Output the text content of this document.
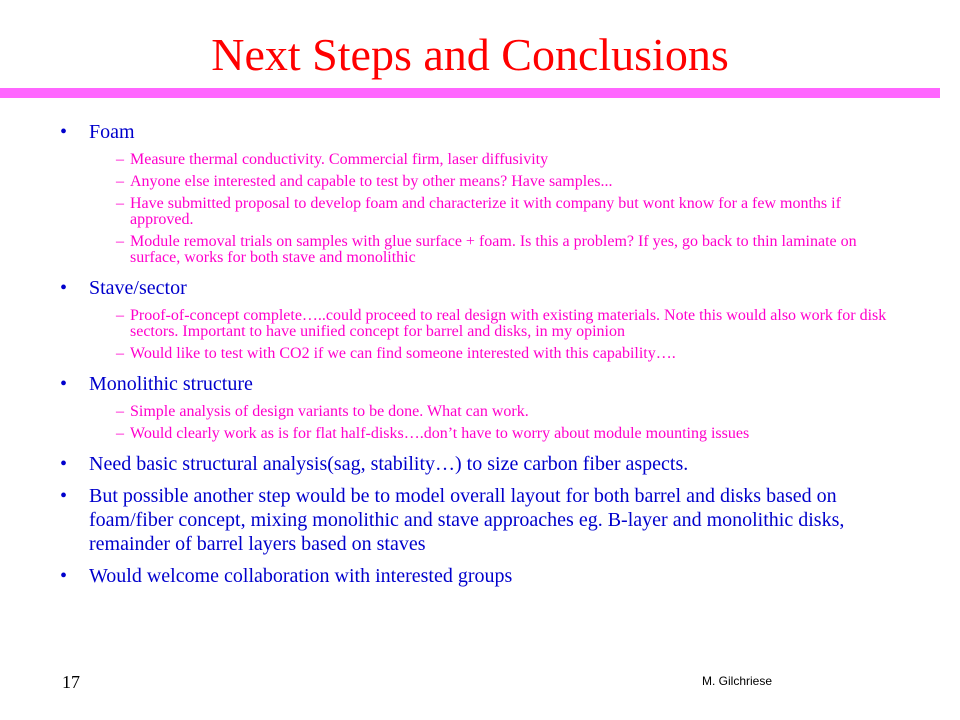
Next Steps and Conclusions
• Foam
– Measure thermal conductivity. Commercial firm, laser diffusivity
– Anyone else interested and capable to test by other means? Have samples...
– Have submitted proposal to develop foam and characterize it with company but wont know for a few months if approved.
– Module removal trials on samples with glue surface + foam. Is this a problem? If yes, go back to thin laminate on surface, works for both stave and monolithic
• Stave/sector
– Proof-of-concept complete…..could proceed to real design with existing materials. Note this would also work for disk sectors. Important to have unified concept for barrel and disks, in my opinion
– Would like to test with CO2 if we can find someone interested with this capability….
• Monolithic structure
– Simple analysis of design variants to be done. What can work.
– Would clearly work as is for flat half-disks….don’t have to worry about module mounting issues
• Need basic structural analysis(sag, stability…) to size carbon fiber aspects.
• But possible another step would be to model overall layout for both barrel and disks based on foam/fiber concept, mixing monolithic and stave approaches eg. B-layer and monolithic disks, remainder of barrel layers based on staves
• Would welcome collaboration with interested groups
17	M. Gilchriese
